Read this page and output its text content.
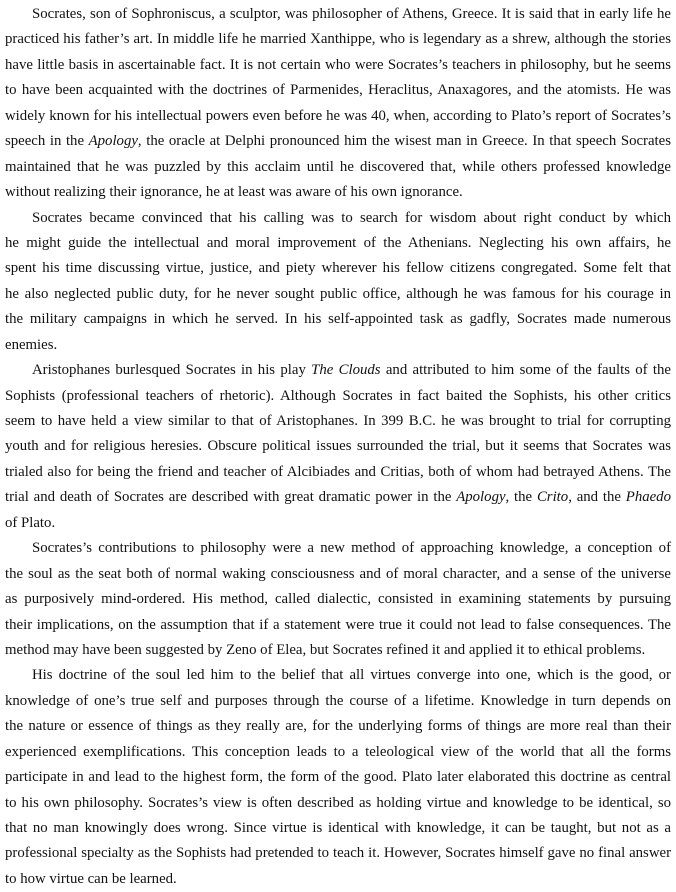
Socrates, son of Sophroniscus, a sculptor, was philosopher of Athens, Greece. It is said that in early life he
practiced his father’s art. In middle life he married Xanthippe, who is legendary as a shrew, although the stories
have little basis in ascertainable fact. It is not certain who were Socrates’s teachers in philosophy, but he seems
to have been acquainted with the doctrines of Parmenides, Heraclitus, Anaxagores, and the atomists. He was
widely known for his intellectual powers even before he was 40, when, according to Plato’s report of Socrates’s
speech in the Apology, the oracle at Delphi pronounced him the wisest man in Greece. In that speech Socrates
maintained that he was puzzled by this acclaim until he discovered that, while others professed knowledge
without realizing their ignorance, he at least was aware of his own ignorance.
Socrates became convinced that his calling was to search for wisdom about right conduct by which
he might guide the intellectual and moral improvement of the Athenians. Neglecting his own affairs, he
spent his time discussing virtue, justice, and piety wherever his fellow citizens congregated. Some felt that
he also neglected public duty, for he never sought public office, although he was famous for his courage in
the military campaigns in which he served. In his self-appointed task as gadfly, Socrates made numerous
enemies.
Aristophanes burlesqued Socrates in his play The Clouds and attributed to him some of the faults of the
Sophists (professional teachers of rhetoric). Although Socrates in fact baited the Sophists, his other critics
seem to have held a view similar to that of Aristophanes. In 399 B.C. he was brought to trial for corrupting
youth and for religious heresies. Obscure political issues surrounded the trial, but it seems that Socrates was
trialed also for being the friend and teacher of Alcibiades and Critias, both of whom had betrayed Athens. The
trial and death of Socrates are described with great dramatic power in the Apology, the Crito, and the Phaedo
of Plato.
Socrates’s contributions to philosophy were a new method of approaching knowledge, a conception of
the soul as the seat both of normal waking consciousness and of moral character, and a sense of the universe
as purposively mind-ordered. His method, called dialectic, consisted in examining statements by pursuing
their implications, on the assumption that if a statement were true it could not lead to false consequences. The
method may have been suggested by Zeno of Elea, but Socrates refined it and applied it to ethical problems.
His doctrine of the soul led him to the belief that all virtues converge into one, which is the good, or
knowledge of one’s true self and purposes through the course of a lifetime. Knowledge in turn depends on
the nature or essence of things as they really are, for the underlying forms of things are more real than their
experienced exemplifications. This conception leads to a teleological view of the world that all the forms
participate in and lead to the highest form, the form of the good. Plato later elaborated this doctrine as central
to his own philosophy. Socrates’s view is often described as holding virtue and knowledge to be identical, so
that no man knowingly does wrong. Since virtue is identical with knowledge, it can be taught, but not as a
professional specialty as the Sophists had pretended to teach it. However, Socrates himself gave no final answer
to how virtue can be learned.
